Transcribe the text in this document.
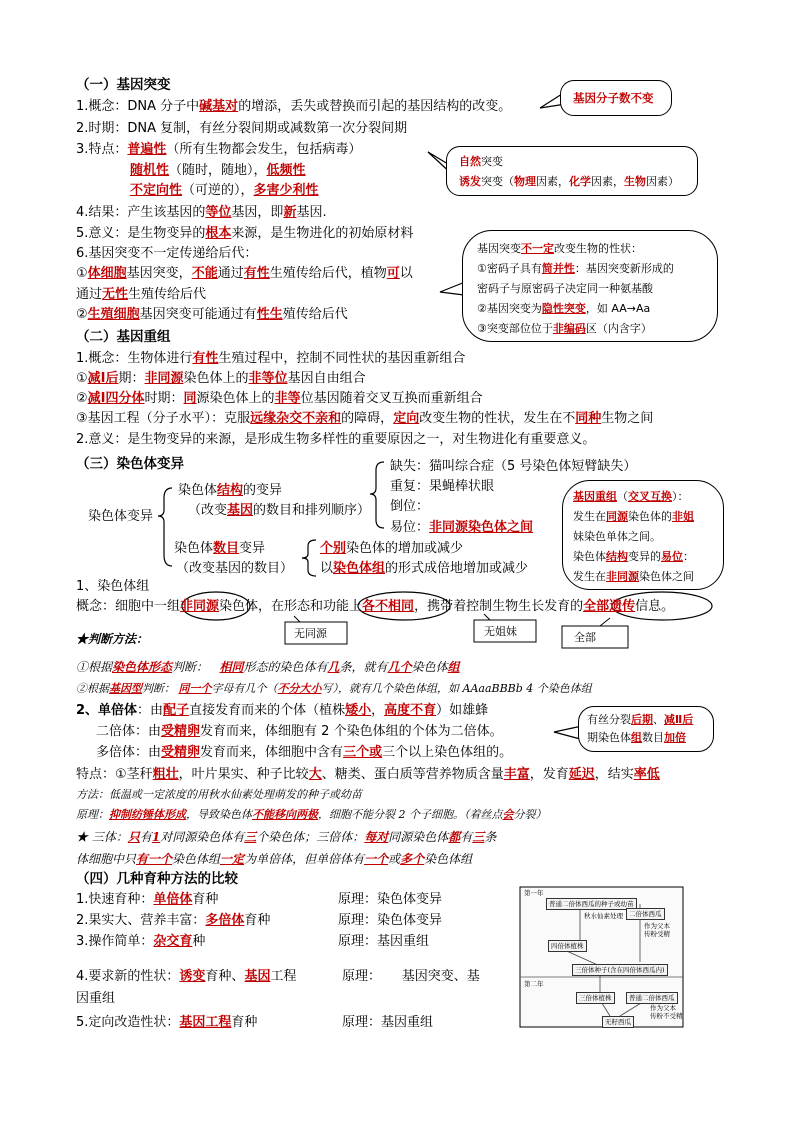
（一）基因突变
1.概念：DNA 分子中碱基对的增添，丢失或替换而引起的基因结构的改变。
2.时期：DNA 复制，有丝分裂间期或减数第一次分裂间期
3.特点：普遍性（所有生物都会发生，包括病毒）
随机性（随时，随地），低频性
不定向性（可逆的），多害少利性
4.结果：产生该基因的等位基因，即新基因.
5.意义：是生物变异的根本来源，是生物进化的初始原材料
6.基因突变不一定传递给后代：
①体细胞基因突变，不能通过有性生殖传给后代，植物可以
通过无性生殖传给后代
②生殖细胞基因突变可能通过有性生殖传给后代
基因分子数不变
自然突变
诱发突变（物理因素，化学因素，生物因素）
基因突变不一定改变生物的性状：
①密码子具有简并性：基因突变新形成的
密码子与原密码子决定同一种氨基酸
②基因突变为隐性突变，如 AA→Aa
③突变部位位于非编码区（内含字）
（二）基因重组
1.概念：生物体进行有性生殖过程中，控制不同性状的基因重新组合
①减Ⅰ后期：非同源染色体上的非等位基因自由组合
②减Ⅰ四分体时期：同源染色体上的非等位基因随着交叉互换而重新组合
③基因工程（分子水平）：克服远缘杂交不亲和的障碍，定向改变生物的性状，发生在不同种生物之间
2.意义：是生物变异的来源，是形成生物多样性的重要原因之一，对生物进化有重要意义。
（三）染色体变异
染色体变异
染色体结构的变异
（改变基因的数目和排列顺序）
染色体数目变异
（改变基因的数目）
缺失：猫叫综合症（5 号染色体短臂缺失）
重复：果蝇棒状眼
倒位：
易位：非同源染色体之间
个别染色体的增加或减少
以染色体组的形式成倍地增加或减少
基因重组（交叉互换）：
发生在同源染色体的非姐
妹染色单体之间。
染色体结构变异的易位：
发生在非同源染色体之间
1、染色体组
概念：细胞中一组非同源染色体，在形态和功能上各不相同，携带着控制生物生长发育的全部遗传信息。
无同源	无姐妹	全部
★判断方法：
①根据染色体形态判断： 相同形态的染色体有几条，就有几个染色体组
②根据基因型判断： 同一个字母有几个（不分大小写），就有几个染色体组，如 AAaaBBBb 4 个染色体组
2、单倍体：由配子直接发育而来的个体（植株矮小，高度不育）如雄蜂
二倍体：由受精卵发育而来，体细胞有 2 个染色体组的个体为二倍体。
多倍体：由受精卵发育而来，体细胞中含有三个或三个以上染色体组的。
有丝分裂后期、减Ⅱ后
期染色体组数目加倍
特点：①茎秆粗壮，叶片果实、种子比较大、糖类、蛋白质等营养物质含量丰富，发育延迟，结实率低
方法：低温或一定浓度的用秋水仙素处理萌发的种子或幼苗
原理：抑制纺锤体形成，导致染色体不能移向两极，细胞不能分裂 2 个子细胞。（着丝点会分裂）
★ 三体：只有1对同源染色体有三个染色体；三倍体：每对同源染色体都有三条
体细胞中只有一个染色体组一定为单倍体，但单倍体有一个或多个染色体组
（四）几种育种方法的比较
1.快速育种：单倍体育种	原理：染色体变异
2.果实大、营养丰富：多倍体育种	原理：染色体变异
3.操作简单：杂交育种	原理：基因重组
4.要求新的性状：诱变育种、基因工程	原理： 基因突变、基
因重组
5.定向改造性状：基因工程育种	原理：基因重组
第一年
普通二倍体西瓜的种子或幼苗
秋水仙素处理 二倍体西瓜
作为父本
传粉受精
四倍体植株
三倍体种子(含在四倍体西瓜内)
第二年
三倍体植株	普通二倍体西瓜
作为父本
传粉不受精
无籽西瓜
